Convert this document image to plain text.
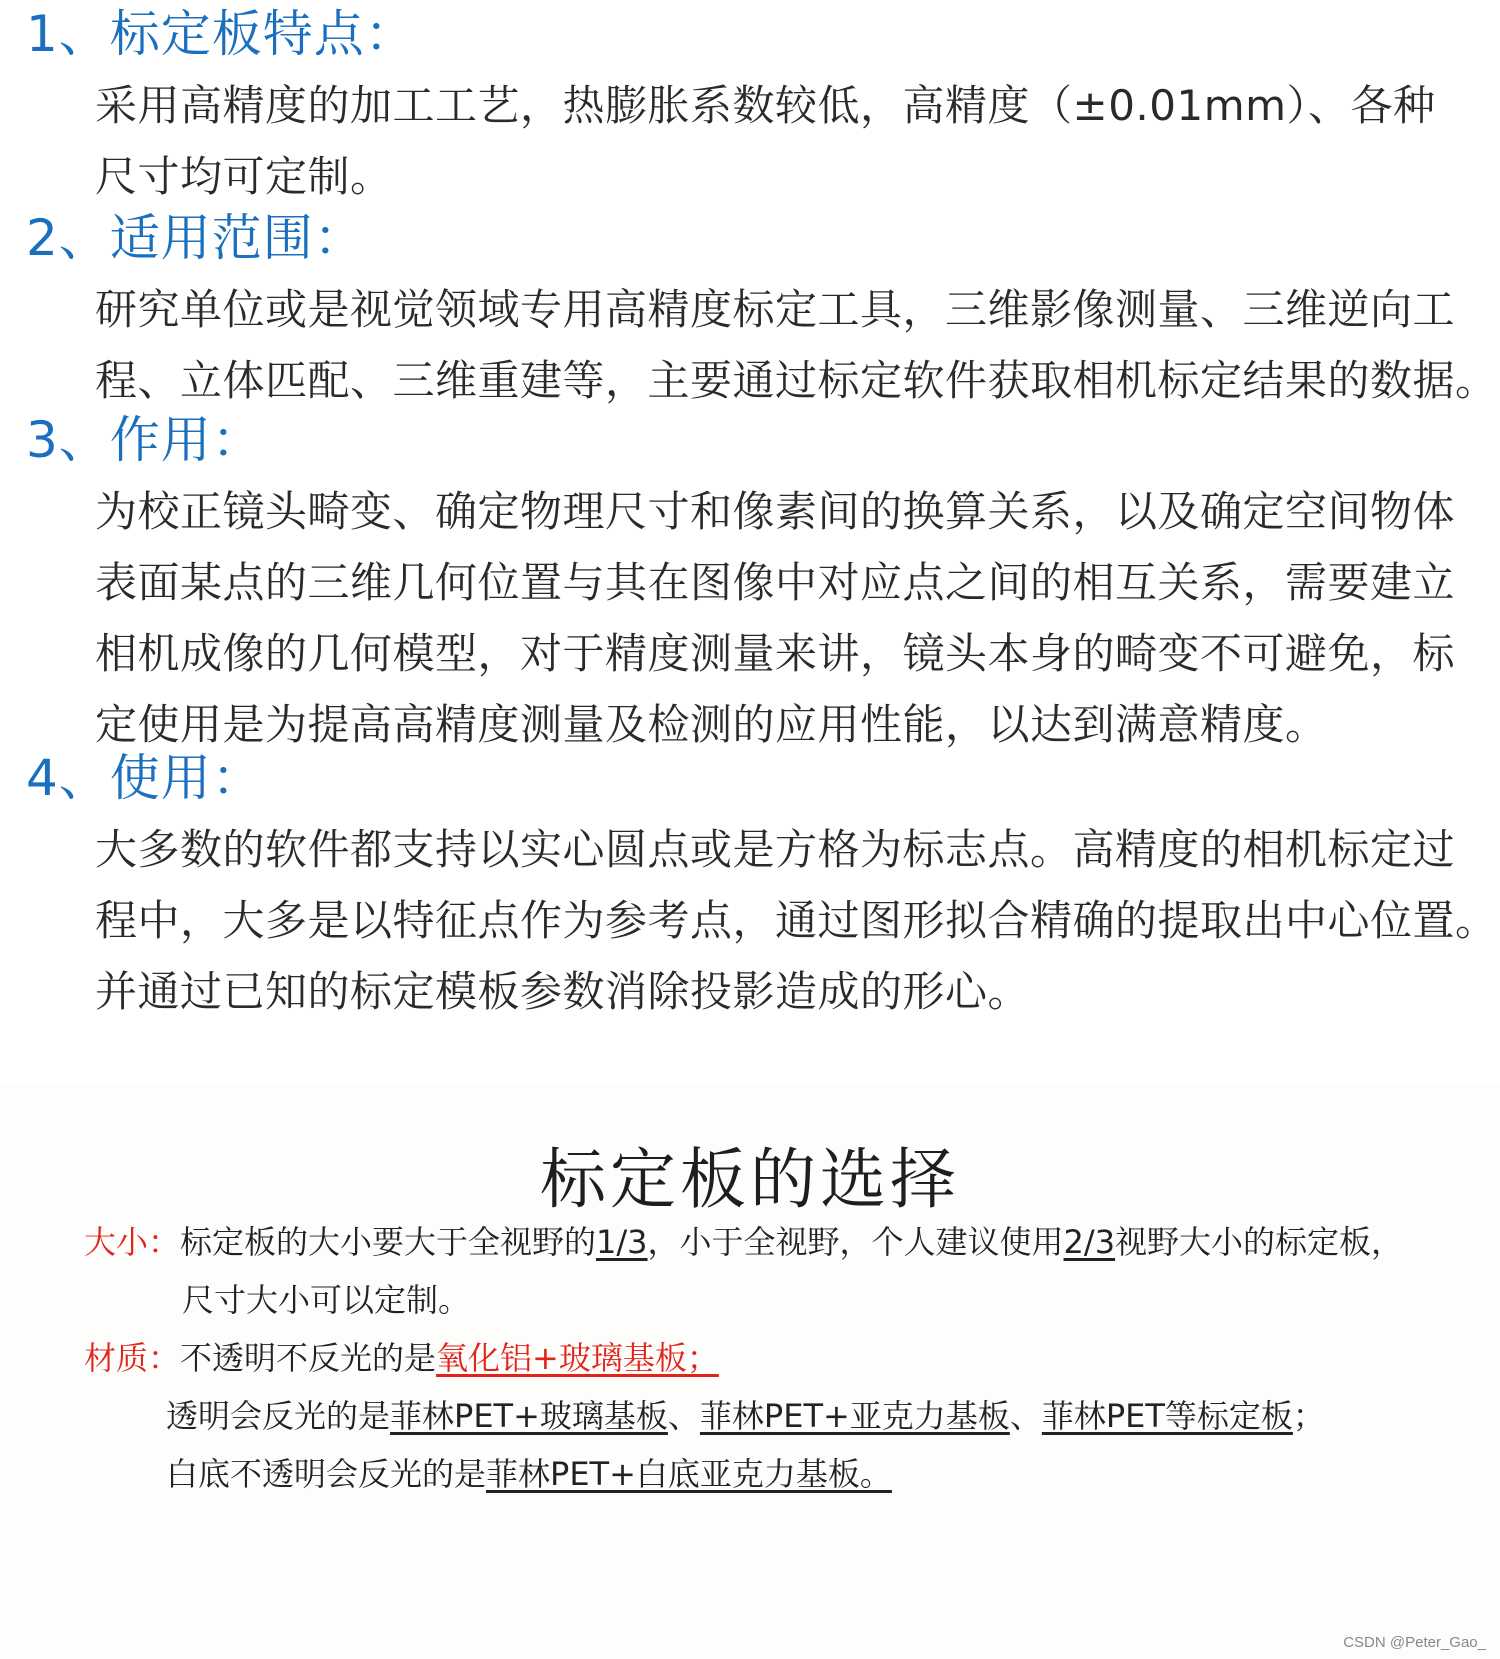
1、标定板特点：
采用高精度的加工工艺，热膨胀系数较低，高精度（±0.01mm）、各种
尺寸均可定制。
2、适用范围：
研究单位或是视觉领域专用高精度标定工具，三维影像测量、三维逆向工
程、立体匹配、三维重建等，主要通过标定软件获取相机标定结果的数据。
3、作用：
为校正镜头畸变、确定物理尺寸和像素间的换算关系，以及确定空间物体
表面某点的三维几何位置与其在图像中对应点之间的相互关系，需要建立
相机成像的几何模型，对于精度测量来讲，镜头本身的畸变不可避免，标
定使用是为提高高精度测量及检测的应用性能，以达到满意精度。
4、使用：
大多数的软件都支持以实心圆点或是方格为标志点。高精度的相机标定过
程中，大多是以特征点作为参考点，通过图形拟合精确的提取出中心位置。
并通过已知的标定模板参数消除投影造成的形心。
标定板的选择
大小：标定板的大小要大于全视野的1/3，小于全视野，个人建议使用2/3视野大小的标定板，
尺寸大小可以定制。
材质：不透明不反光的是氧化铝+玻璃基板；
透明会反光的是菲林PET+玻璃基板、菲林PET+亚克力基板、菲林PET等标定板；
白底不透明会反光的是菲林PET+白底亚克力基板。
CSDN @Peter_Gao_
